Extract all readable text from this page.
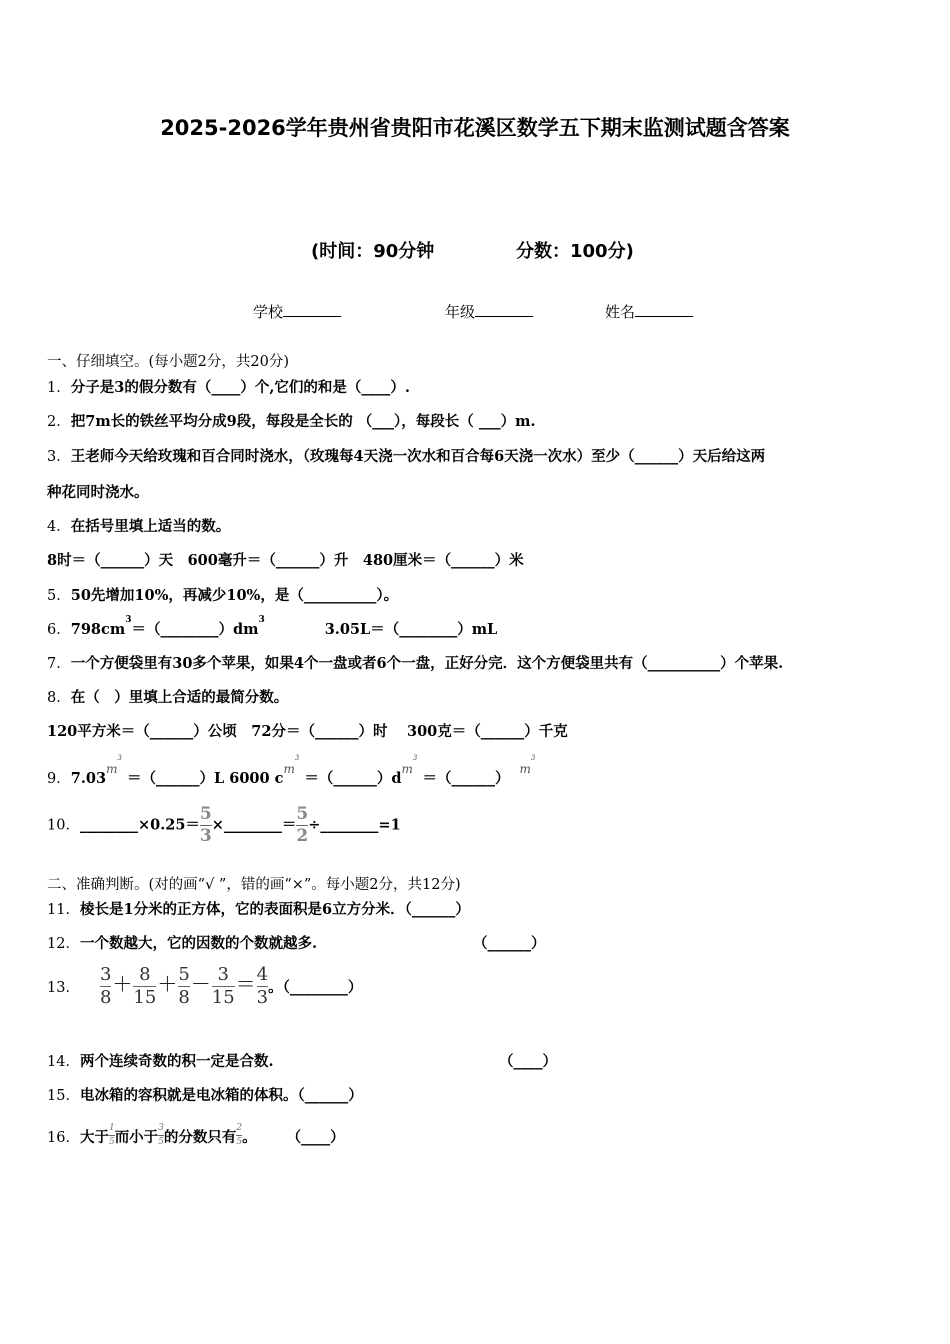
2025-2026学年贵州省贵阳市花溪区数学五下期末监测试题含答案
(时间：90分钟	分数：100分)
学校	年级	姓名
一、仔细填空。(每小题2分，共20分)
1．分子是3的假分数有（____）个,它们的和是（____）.
2．把7m长的铁丝平均分成9段，每段是全长的 （___），每段长（ ___）m.
3．王老师今天给玫瑰和百合同时浇水，（玫瑰每4天浇一次水和百合每6天浇一次水）至少（______）天后给这两
种花同时浇水。
4．在括号里填上适当的数。
8时＝（______）天　600毫升＝（______）升　480厘米＝（______）米
5．50先增加10%，再减少10%，是（__________）。
6．$798cm^3=(\_\_\_\_\_\_\_\_)dm^33.05L=(\_\_\_\_\_\_\_\_)mL$
7．一个方便袋里有30多个苹果，如果4个一盘或者6个一盘，正好分完．这个方便袋里共有（__________）个苹果.
8．在（　）里填上合适的最简分数。
120平方米＝（______）公顷　72分＝（______）时　 300克＝（______）千克
9．$7.03^{m^3}$ ＝（______）L 6000 $c^{m^3}$ $=(\_\_\_\_\_\_)d^{m^3}$ ＝（______）$^{m^3}$
10．________×0.25＝ $\frac{5}{3}$ ×________＝ $\frac{5}{2}$ ÷________=1
二、准确判断。(对的画“√ ”，错的画“×”。每小题2分，共12分)
11．棱长是1分米的正方体，它的表面积是6立方分米．（______）
12．一个数越大，它的因数的个数就越多.	（______）
13． $\frac{3}{8} + \frac{8}{15} + \frac{5}{8} - \frac{3}{15} = \frac{4}{3}$ 。（________）
14．两个连续奇数的积一定是合数.	（____）
15．电冰箱的容积就是电冰箱的体积。（______）
16．大于 $\frac{1}{5}$ 而小于 $\frac{3}{5}$ 的分数只有 $\frac{2}{5}$ 。 （____）
